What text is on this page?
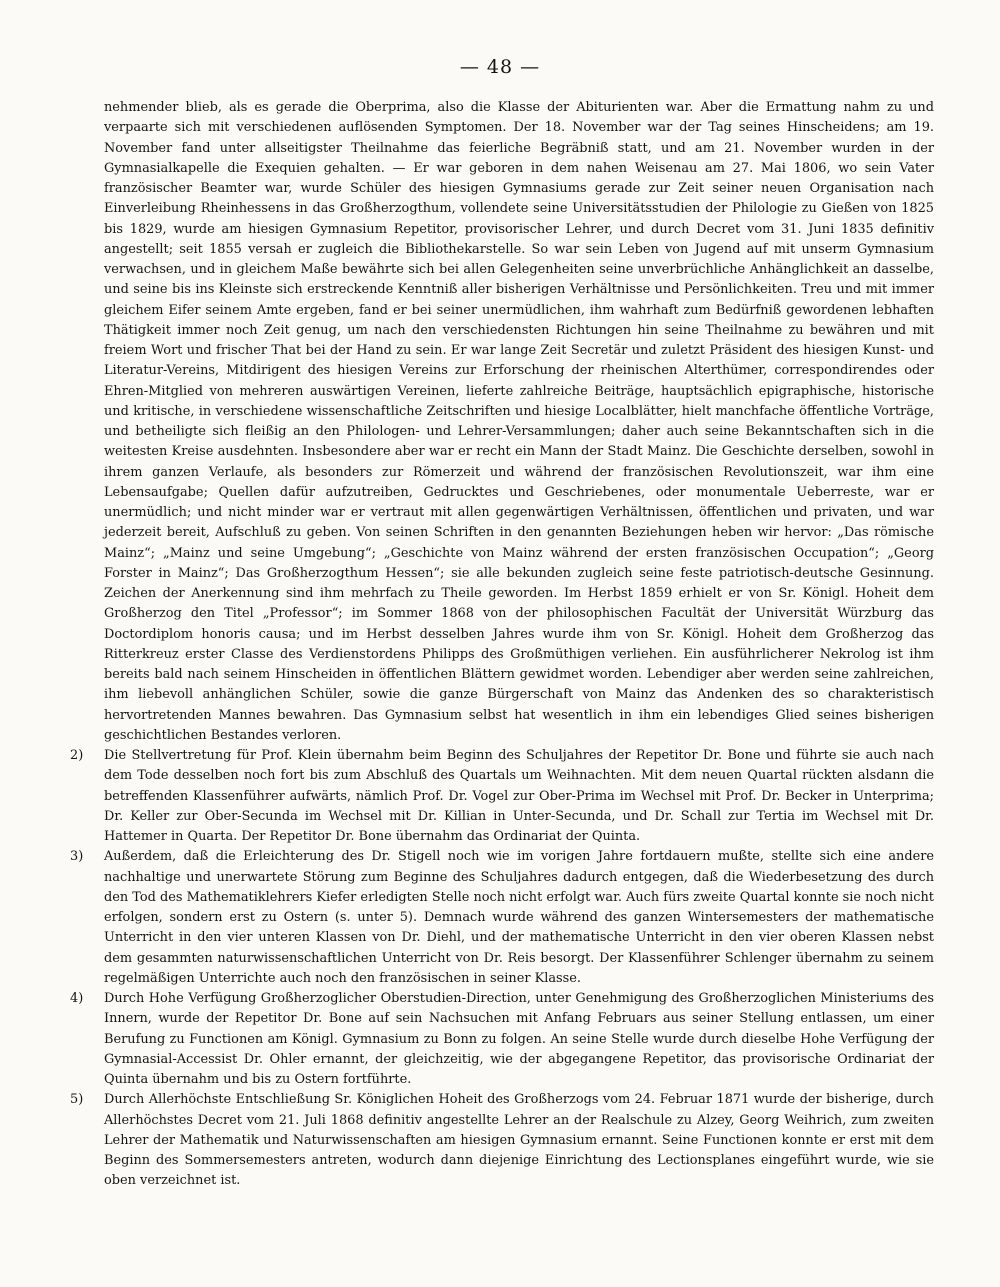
— 48 —

nehmender blieb, als es gerade die Oberprima, also die Klasse der Abiturienten war. Aber die Ermattung nahm zu und verpaarte sich mit verschiedenen auflösenden Symptomen. Der 18. November war der Tag seines Hinscheidens; am 19. November fand unter allseitigster Theilnahme das feierliche Begräbniß statt, und am 21. November wurden in der Gymnasialkapelle die Exequien gehalten. — Er war geboren in dem nahen Weisenau am 27. Mai 1806, wo sein Vater französischer Beamter war, wurde Schüler des hiesigen Gymnasiums gerade zur Zeit seiner neuen Organisation nach Einverleibung Rheinhessens in das Großherzogthum, vollendete seine Universitätsstudien der Philologie zu Gießen von 1825 bis 1829, wurde am hiesigen Gymnasium Repetitor, provisorischer Lehrer, und durch Decret vom 31. Juni 1835 definitiv angestellt; seit 1855 versah er zugleich die Bibliothekarstelle. So war sein Leben von Jugend auf mit unserm Gymnasium verwachsen, und in gleichem Maße bewährte sich bei allen Gelegenheiten seine unverbrüchliche Anhänglichkeit an dasselbe, und seine bis ins Kleinste sich erstreckende Kenntniß aller bisherigen Verhältnisse und Persönlichkeiten. Treu und mit immer gleichem Eifer seinem Amte ergeben, fand er bei seiner unermüdlichen, ihm wahrhaft zum Bedürfniß gewordenen lebhaften Thätigkeit immer noch Zeit genug, um nach den verschiedensten Richtungen hin seine Theilnahme zu bewähren und mit freiem Wort und frischer That bei der Hand zu sein. Er war lange Zeit Secretär und zuletzt Präsident des hiesigen Kunst- und Literatur-Vereins, Mitdirigent des hiesigen Vereins zur Erforschung der rheinischen Alterthümer, correspondirendes oder Ehren-Mitglied von mehreren auswärtigen Vereinen, lieferte zahlreiche Beiträge, hauptsächlich epigraphische, historische und kritische, in verschiedene wissenschaftliche Zeitschriften und hiesige Localblätter, hielt manchfache öffentliche Vorträge, und betheiligte sich fleißig an den Philologen- und Lehrer-Versammlungen; daher auch seine Bekanntschaften sich in die weitesten Kreise ausdehnten. Insbesondere aber war er recht ein Mann der Stadt Mainz. Die Geschichte derselben, sowohl in ihrem ganzen Verlaufe, als besonders zur Römerzeit und während der französischen Revolutionszeit, war ihm eine Lebensaufgabe; Quellen dafür aufzutreiben, Gedrucktes und Geschriebenes, oder monumentale Ueberreste, war er unermüdlich; und nicht minder war er vertraut mit allen gegenwärtigen Verhältnissen, öffentlichen und privaten, und war jederzeit bereit, Aufschluß zu geben. Von seinen Schriften in den genannten Beziehungen heben wir hervor: „Das römische Mainz“; „Mainz und seine Umgebung“; „Geschichte von Mainz während der ersten französischen Occupation“; „Georg Forster in Mainz“; Das Großherzogthum Hessen“; sie alle bekunden zugleich seine feste patriotisch-deutsche Gesinnung. Zeichen der Anerkennung sind ihm mehrfach zu Theile geworden. Im Herbst 1859 erhielt er von Sr. Königl. Hoheit dem Großherzog den Titel „Professor“; im Sommer 1868 von der philosophischen Facultät der Universität Würzburg das Doctordiplom honoris causa; und im Herbst desselben Jahres wurde ihm von Sr. Königl. Hoheit dem Großherzog das Ritterkreuz erster Classe des Verdienstordens Philipps des Großmüthigen verliehen. Ein ausführlicherer Nekrolog ist ihm bereits bald nach seinem Hinscheiden in öffentlichen Blättern gewidmet worden. Lebendiger aber werden seine zahlreichen, ihm liebevoll anhänglichen Schüler, sowie die ganze Bürgerschaft von Mainz das Andenken des so charakteristisch hervortretenden Mannes bewahren. Das Gymnasium selbst hat wesentlich in ihm ein lebendiges Glied seines bisherigen geschichtlichen Bestandes verloren.

2) Die Stellvertretung für Prof. Klein übernahm beim Beginn des Schuljahres der Repetitor Dr. Bone und führte sie auch nach dem Tode desselben noch fort bis zum Abschluß des Quartals um Weihnachten. Mit dem neuen Quartal rückten alsdann die betreffenden Klassenführer aufwärts, nämlich Prof. Dr. Vogel zur Ober-Prima im Wechsel mit Prof. Dr. Becker in Unterprima; Dr. Keller zur Ober-Secunda im Wechsel mit Dr. Killian in Unter-Secunda, und Dr. Schall zur Tertia im Wechsel mit Dr. Hattemer in Quarta. Der Repetitor Dr. Bone übernahm das Ordinariat der Quinta.
3) Außerdem, daß die Erleichterung des Dr. Stigell noch wie im vorigen Jahre fortdauern mußte, stellte sich eine andere nachhaltige und unerwartete Störung zum Beginne des Schuljahres dadurch entgegen, daß die Wiederbesetzung des durch den Tod des Mathematiklehrers Kiefer erledigten Stelle noch nicht erfolgt war. Auch fürs zweite Quartal konnte sie noch nicht erfolgen, sondern erst zu Ostern (s. unter 5). Demnach wurde während des ganzen Wintersemesters der mathematische Unterricht in den vier unteren Klassen von Dr. Diehl, und der mathematische Unterricht in den vier oberen Klassen nebst dem gesammten naturwissenschaftlichen Unterricht von Dr. Reis besorgt. Der Klassenführer Schlenger übernahm zu seinem regelmäßigen Unterrichte auch noch den französischen in seiner Klasse.
4) Durch Hohe Verfügung Großherzoglicher Oberstudien-Direction, unter Genehmigung des Großherzoglichen Ministeriums des Innern, wurde der Repetitor Dr. Bone auf sein Nachsuchen mit Anfang Februars aus seiner Stellung entlassen, um einer Berufung zu Functionen am Königl. Gymnasium zu Bonn zu folgen. An seine Stelle wurde durch dieselbe Hohe Verfügung der Gymnasial-Accessist Dr. Ohler ernannt, der gleichzeitig, wie der abgegangene Repetitor, das provisorische Ordinariat der Quinta übernahm und bis zu Ostern fortführte.
5) Durch Allerhöchste Entschließung Sr. Königlichen Hoheit des Großherzogs vom 24. Februar 1871 wurde der bisherige, durch Allerhöchstes Decret vom 21. Juli 1868 definitiv angestellte Lehrer an der Realschule zu Alzey, Georg Weihrich, zum zweiten Lehrer der Mathematik und Naturwissenschaften am hiesigen Gymnasium ernannt. Seine Functionen konnte er erst mit dem Beginn des Sommersemesters antreten, wodurch dann diejenige Einrichtung des Lectionsplanes eingeführt wurde, wie sie oben verzeichnet ist.
